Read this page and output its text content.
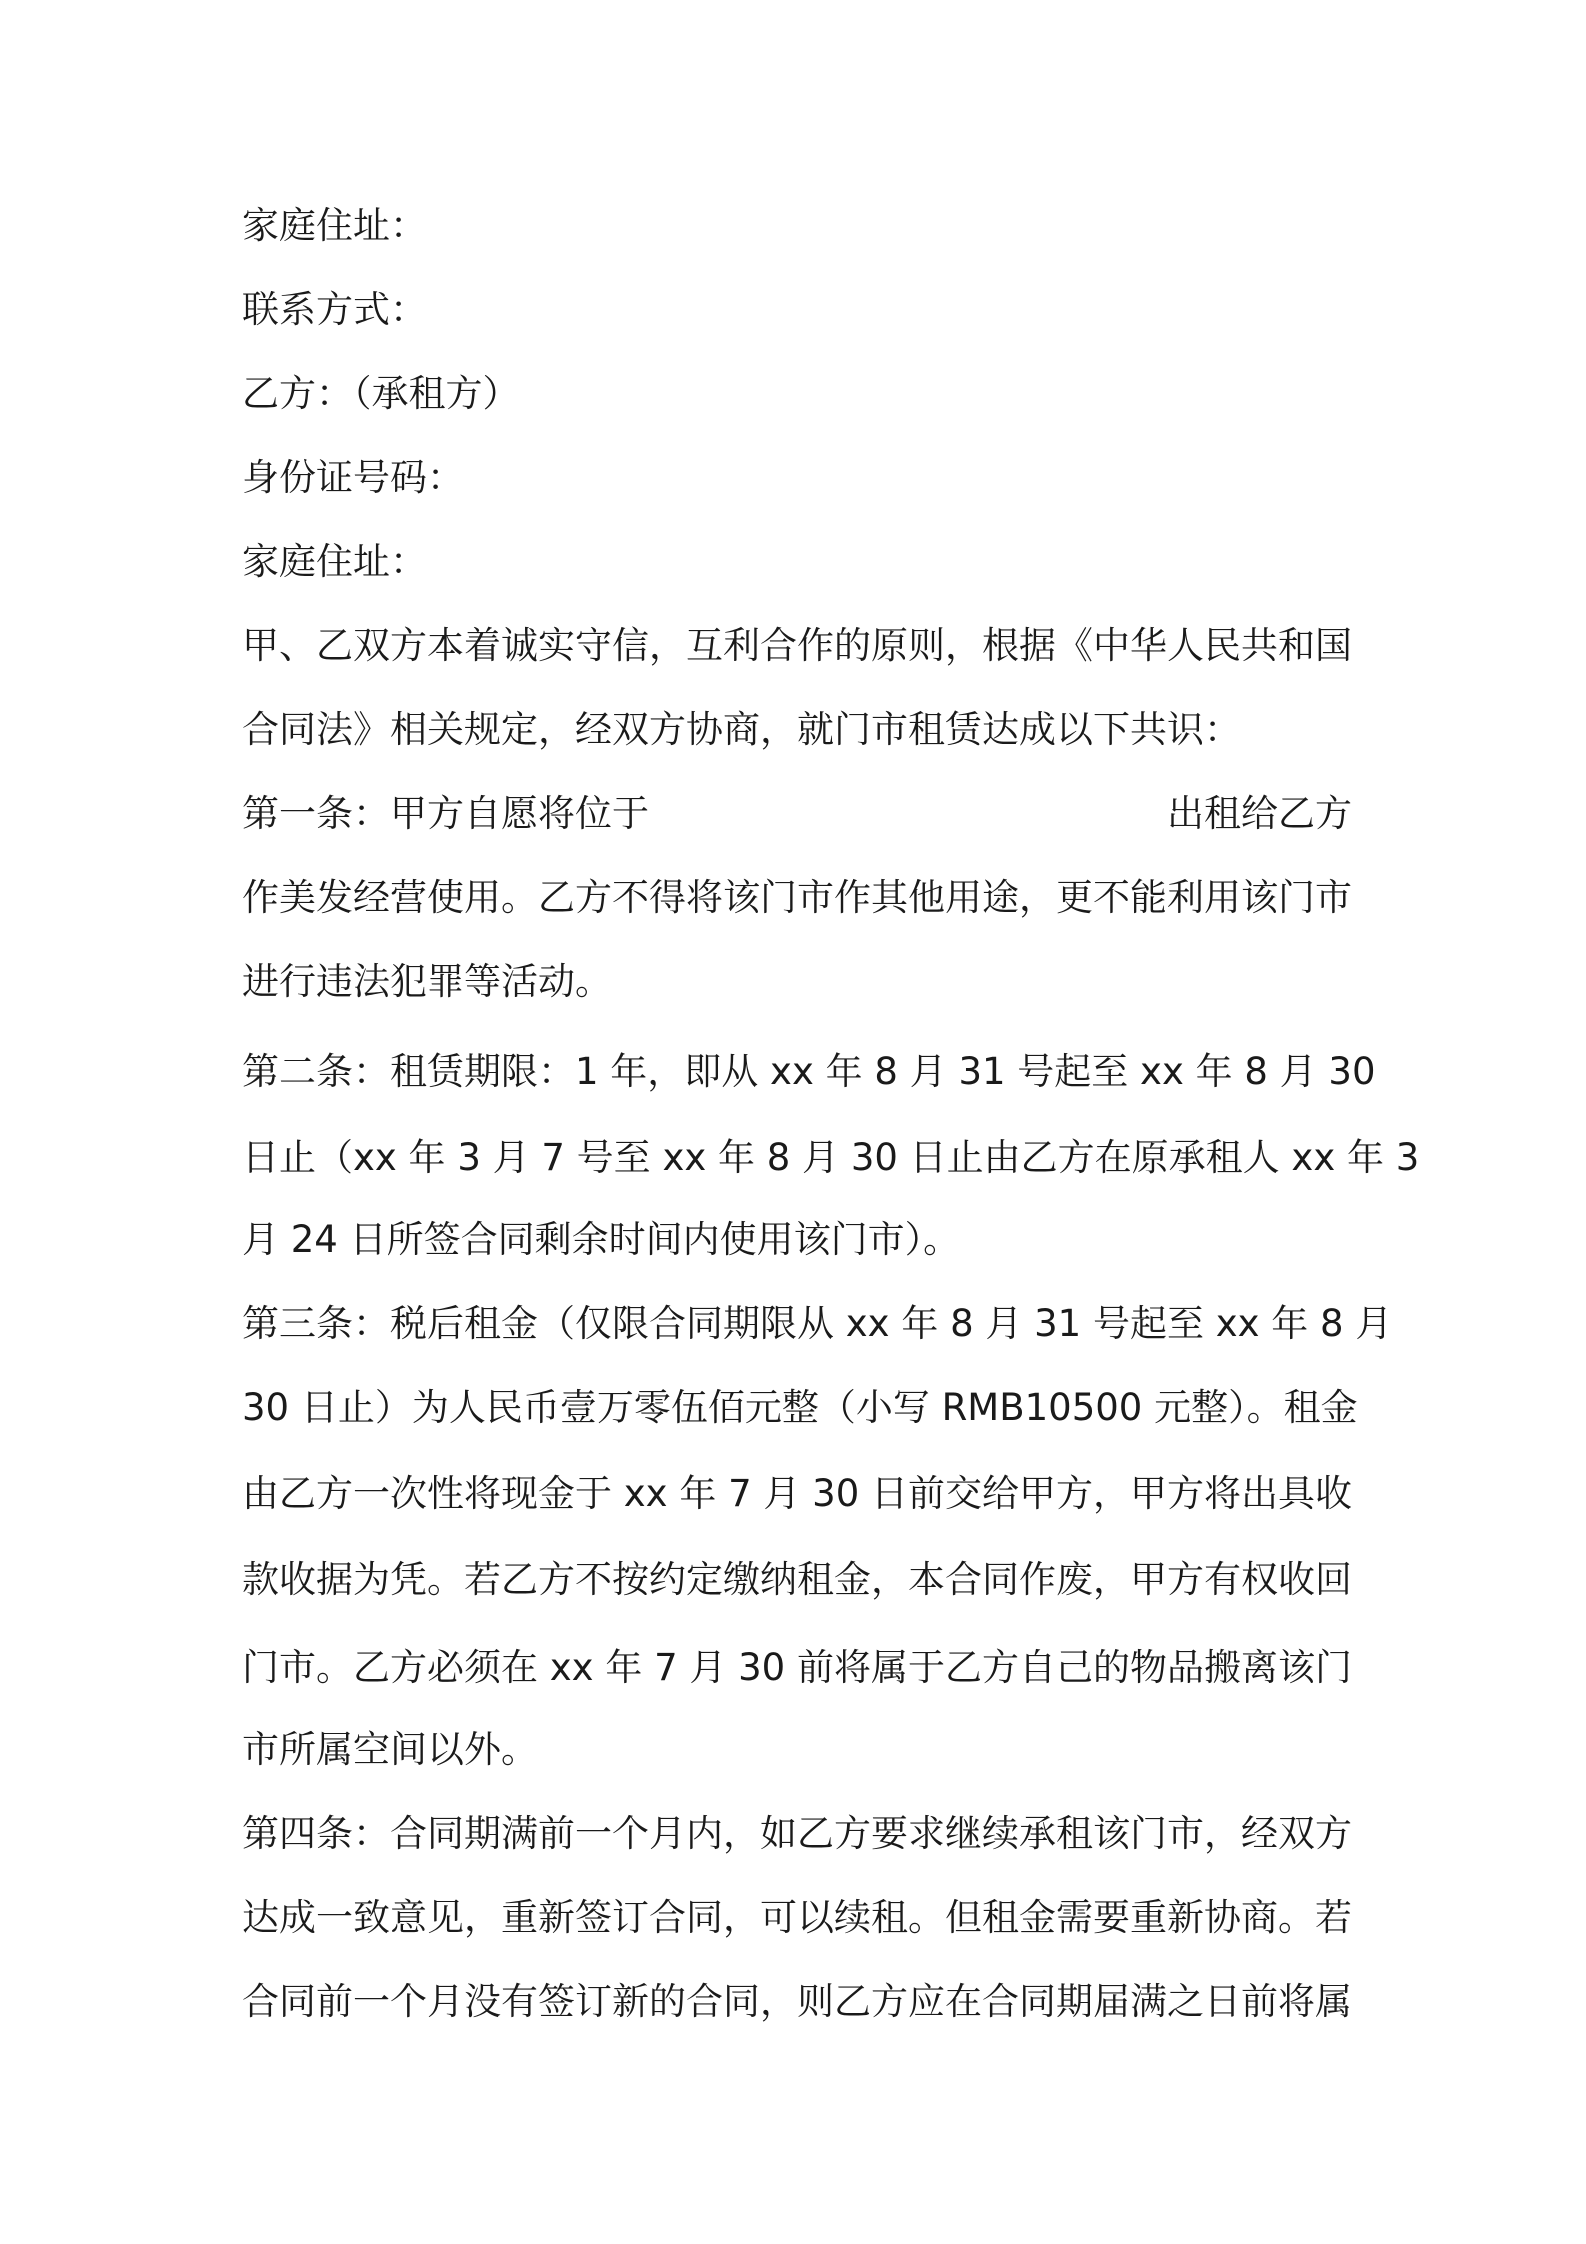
家庭住址：
联系方式：
乙方：（承租方）
身份证号码：
家庭住址：
甲、乙双方本着诚实守信，互利合作的原则，根据《中华人民共和国
合同法》相关规定，经双方协商，就门市租赁达成以下共识：
第一条：甲方自愿将位于	出租给乙方
作美发经营使用。乙方不得将该门市作其他用途，更不能利用该门市
进行违法犯罪等活动。
第二条：租赁期限：1 年，即从 xx 年 8 月 31 号起至 xx 年 8 月 30
日止（xx 年 3 月 7 号至 xx 年 8 月 30 日止由乙方在原承租人 xx 年 3
月 24 日所签合同剩余时间内使用该门市）。
第三条：税后租金（仅限合同期限从 xx 年 8 月 31 号起至 xx 年 8 月
30 日止）为人民币壹万零伍佰元整（小写 RMB10500 元整）。租金
由乙方一次性将现金于 xx 年 7 月 30 日前交给甲方，甲方将出具收
款收据为凭。若乙方不按约定缴纳租金，本合同作废，甲方有权收回
门市。乙方必须在 xx 年 7 月 30 前将属于乙方自己的物品搬离该门
市所属空间以外。
第四条：合同期满前一个月内，如乙方要求继续承租该门市，经双方
达成一致意见，重新签订合同，可以续租。但租金需要重新协商。若
合同前一个月没有签订新的合同，则乙方应在合同期届满之日前将属
